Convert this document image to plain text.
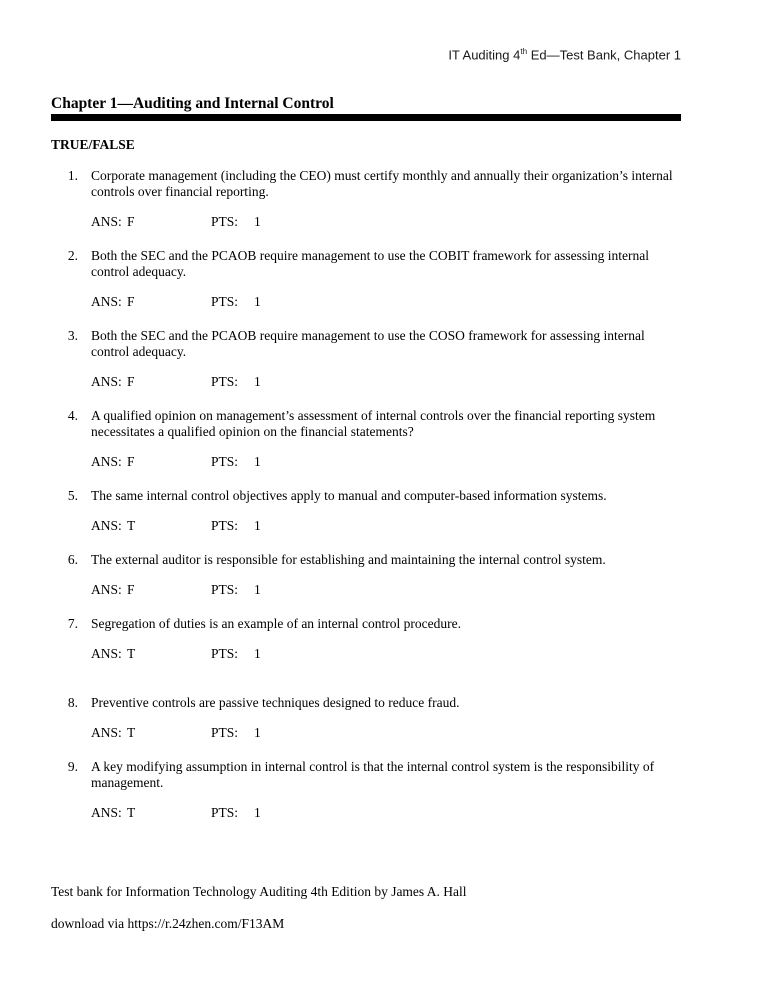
IT Auditing 4th Ed—Test Bank, Chapter 1
Chapter 1—Auditing and Internal Control
TRUE/FALSE
1. Corporate management (including the CEO) must certify monthly and annually their organization’s internal controls over financial reporting.
ANS: F	PTS: 1
2. Both the SEC and the PCAOB require management to use the COBIT framework for assessing internal control adequacy.
ANS: F	PTS: 1
3. Both the SEC and the PCAOB require management to use the COSO framework for assessing internal control adequacy.
ANS: F	PTS: 1
4. A qualified opinion on management’s assessment of internal controls over the financial reporting system necessitates a qualified opinion on the financial statements?
ANS: F	PTS: 1
5. The same internal control objectives apply to manual and computer-based information systems.
ANS: T	PTS: 1
6. The external auditor is responsible for establishing and maintaining the internal control system.
ANS: F	PTS: 1
7. Segregation of duties is an example of an internal control procedure.
ANS: T	PTS: 1
8. Preventive controls are passive techniques designed to reduce fraud.
ANS: T	PTS: 1
9. A key modifying assumption in internal control is that the internal control system is the responsibility of management.
ANS: T	PTS: 1
Test bank for Information Technology Auditing 4th Edition by James A. Hall
download via https://r.24zhen.com/F13AM
